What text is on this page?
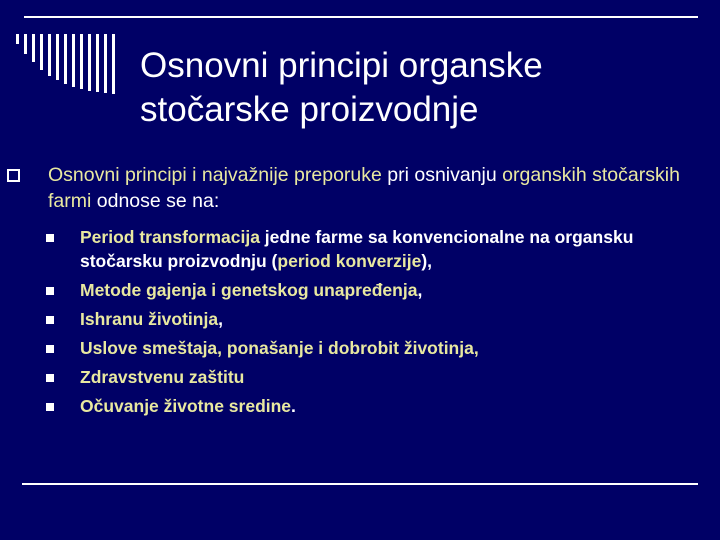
Osnovni principi organske
stočarske proizvodnje
Osnovni principi i najvažnije preporuke pri osnivanju organskih stočarskih farmi odnose se na:
Period transformacija jedne farme sa konvencionalne na organsku stočarsku proizvodnju (period konverzije),
Metode gajenja i genetskog unapređenja,
Ishranu životinja,
Uslove smeštaja, ponašanje i dobrobit životinja,
Zdravstvenu zaštitu
Očuvanje životne sredine.
